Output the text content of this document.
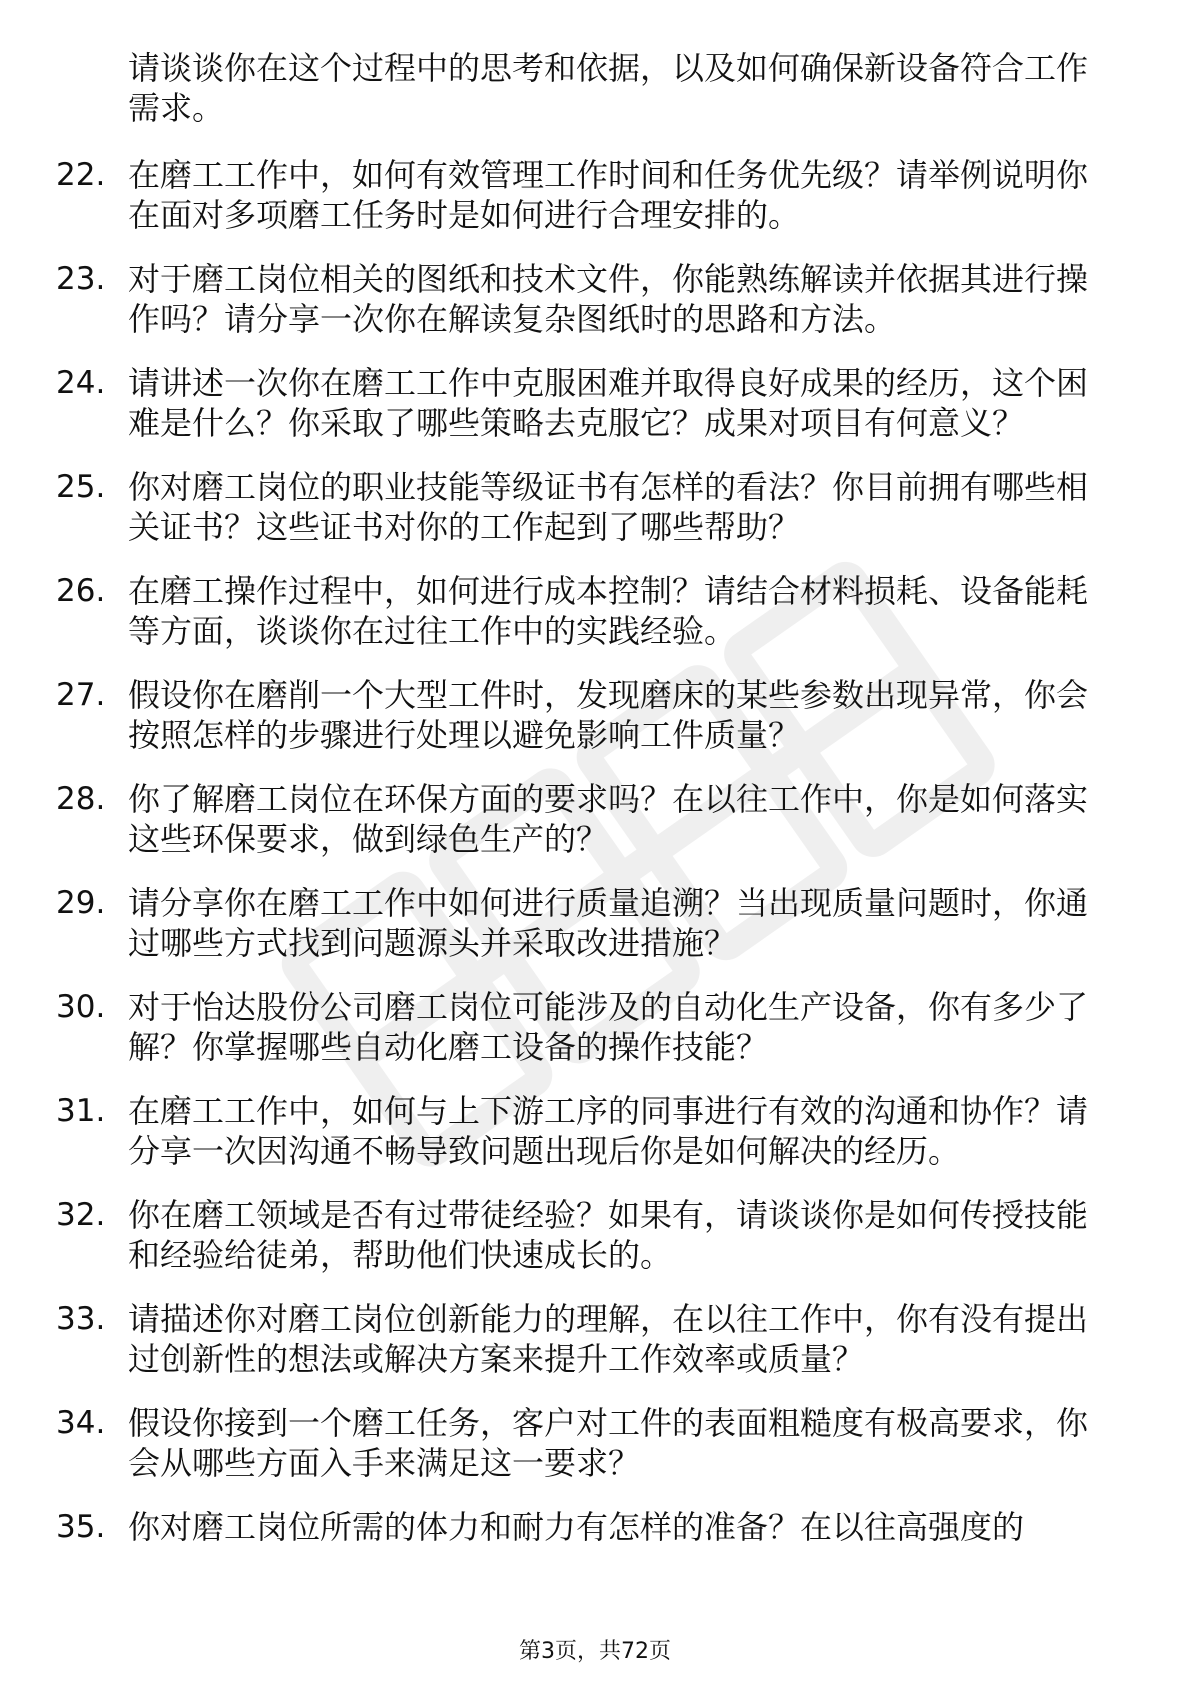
请谈谈你在这个过程中的思考和依据，以及如何确保新设备符合工作需求。

22. 在磨工工作中，如何有效管理工作时间和任务优先级？请举例说明你在面对多项磨工任务时是如何进行合理安排的。
23. 对于磨工岗位相关的图纸和技术文件，你能熟练解读并依据其进行操作吗？请分享一次你在解读复杂图纸时的思路和方法。
24. 请讲述一次你在磨工工作中克服困难并取得良好成果的经历，这个困难是什么？你采取了哪些策略去克服它？成果对项目有何意义？
25. 你对磨工岗位的职业技能等级证书有怎样的看法？你目前拥有哪些相关证书？这些证书对你的工作起到了哪些帮助？
26. 在磨工操作过程中，如何进行成本控制？请结合材料损耗、设备能耗等方面，谈谈你在过往工作中的实践经验。
27. 假设你在磨削一个大型工件时，发现磨床的某些参数出现异常，你会按照怎样的步骤进行处理以避免影响工件质量？
28. 你了解磨工岗位在环保方面的要求吗？在以往工作中，你是如何落实这些环保要求，做到绿色生产的？
29. 请分享你在磨工工作中如何进行质量追溯？当出现质量问题时，你通过哪些方式找到问题源头并采取改进措施？
30. 对于怡达股份公司磨工岗位可能涉及的自动化生产设备，你有多少了解？你掌握哪些自动化磨工设备的操作技能？
31. 在磨工工作中，如何与上下游工序的同事进行有效的沟通和协作？请分享一次因沟通不畅导致问题出现后你是如何解决的经历。
32. 你在磨工领域是否有过带徒经验？如果有，请谈谈你是如何传授技能和经验给徒弟，帮助他们快速成长的。
33. 请描述你对磨工岗位创新能力的理解，在以往工作中，你有没有提出过创新性的想法或解决方案来提升工作效率或质量？
34. 假设你接到一个磨工任务，客户对工件的表面粗糙度有极高要求，你会从哪些方面入手来满足这一要求？
35. 你对磨工岗位所需的体力和耐力有怎样的准备？在以往高强度的
第3页，共72页
